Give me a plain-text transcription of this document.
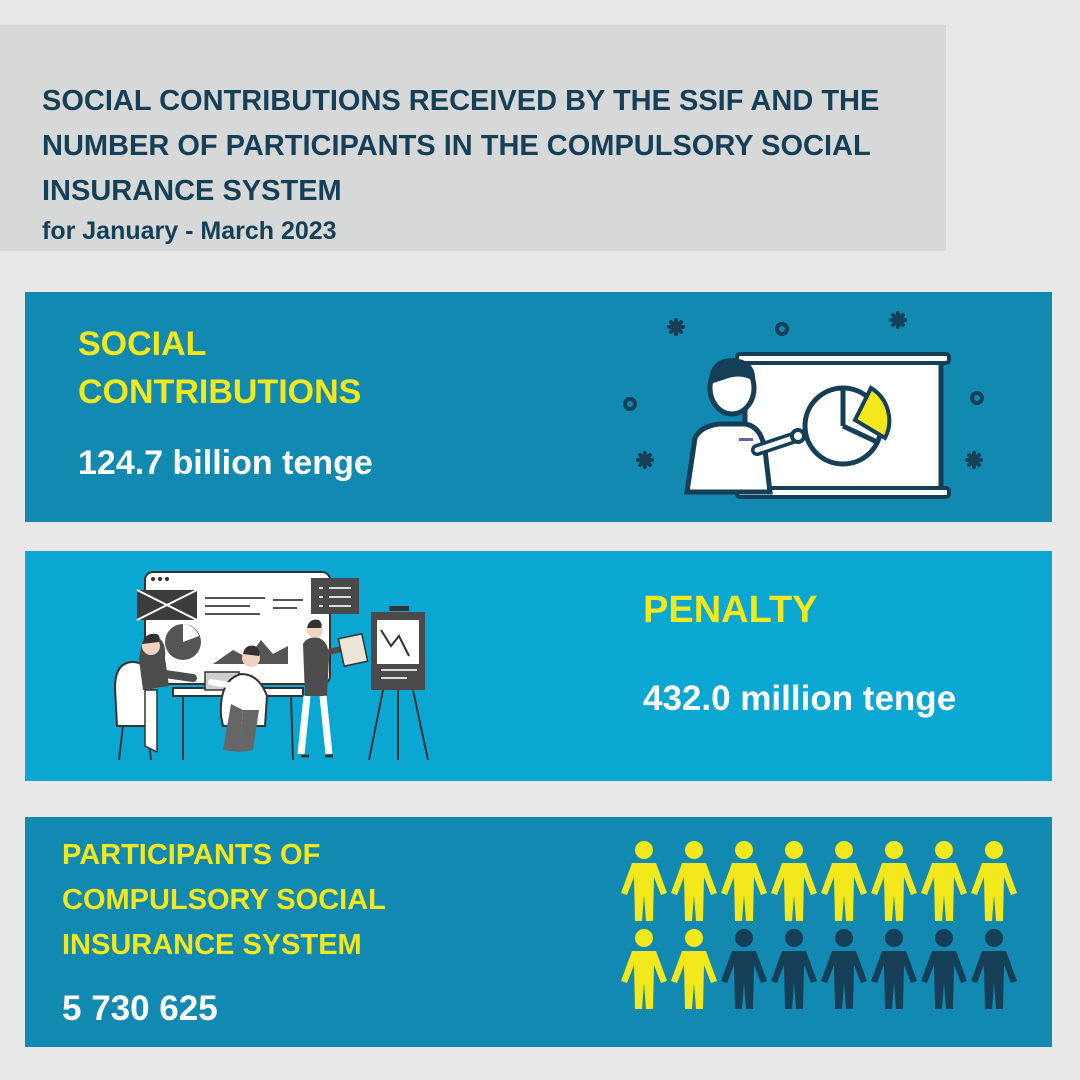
SOCIAL CONTRIBUTIONS RECEIVED BY THE SSIF AND THE NUMBER OF PARTICIPANTS IN THE COMPULSORY SOCIAL INSURANCE SYSTEM

for January - March 2023

SOCIAL CONTRIBUTIONS

124.7 billion tenge

PENALTY

432.0 million tenge

PARTICIPANTS OF COMPULSORY SOCIAL INSURANCE SYSTEM

5 730 625
